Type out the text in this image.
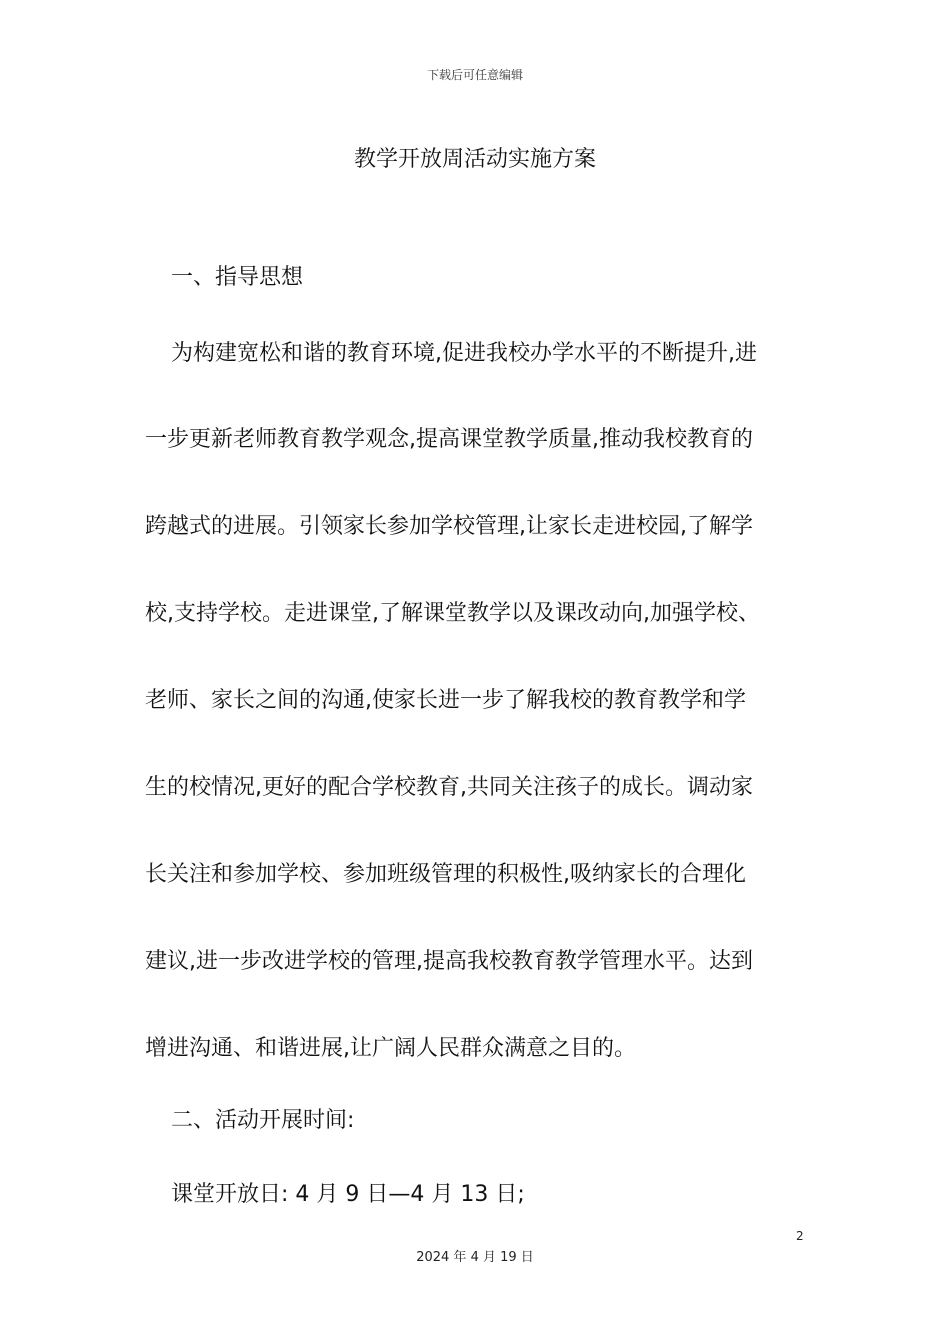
下载后可任意编辑
教学开放周活动实施方案
一、指导思想
为构建宽松和谐的教育环境,促进我校办学水平的不断提升,进
一步更新老师教育教学观念,提高课堂教学质量,推动我校教育的
跨越式的进展。引领家长参加学校管理,让家长走进校园,了解学
校,支持学校。走进课堂,了解课堂教学以及课改动向,加强学校、
老师、家长之间的沟通,使家长进一步了解我校的教育教学和学
生的校情况,更好的配合学校教育,共同关注孩子的成长。调动家
长关注和参加学校、参加班级管理的积极性,吸纳家长的合理化
建议,进一步改进学校的管理,提高我校教育教学管理水平。达到
增进沟通、和谐进展,让广阔人民群众满意之目的。
二、活动开展时间:
课堂开放日: 4 月 9 日—4 月 13 日;
2
2024 年 4 月 19 日
